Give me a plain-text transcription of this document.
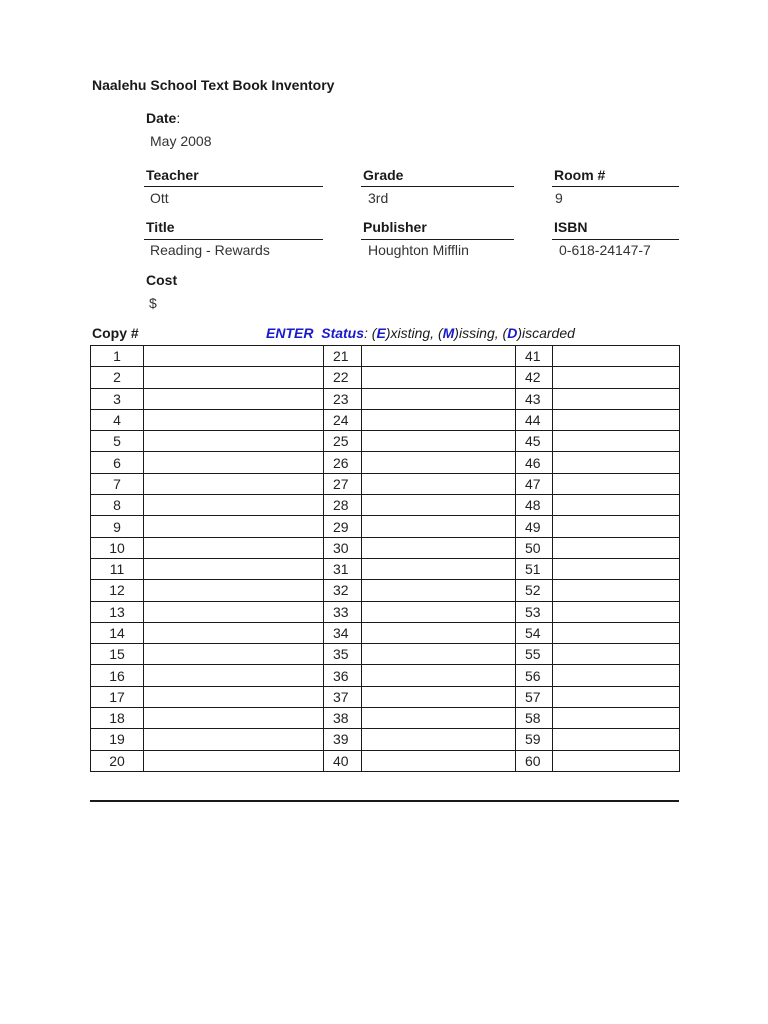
Naalehu School Text Book Inventory
Date:
May 2008
Teacher
Ott
Grade
3rd
Room #
9
Title
Reading - Rewards
Publisher
Houghton Mifflin
ISBN
0-618-24147-7
Cost
$
Copy #	ENTER Status: (E)xisting, (M)issing, (D)iscarded
1		21		41	
2		22		42	
3		23		43	
4		24		44	
5		25		45	
6		26		46	
7		27		47	
8		28		48	
9		29		49	
10		30		50	
11		31		51	
12		32		52	
13		33		53	
14		34		54	
15		35		55	
16		36		56	
17		37		57	
18		38		58	
19		39		59	
20		40		60	
